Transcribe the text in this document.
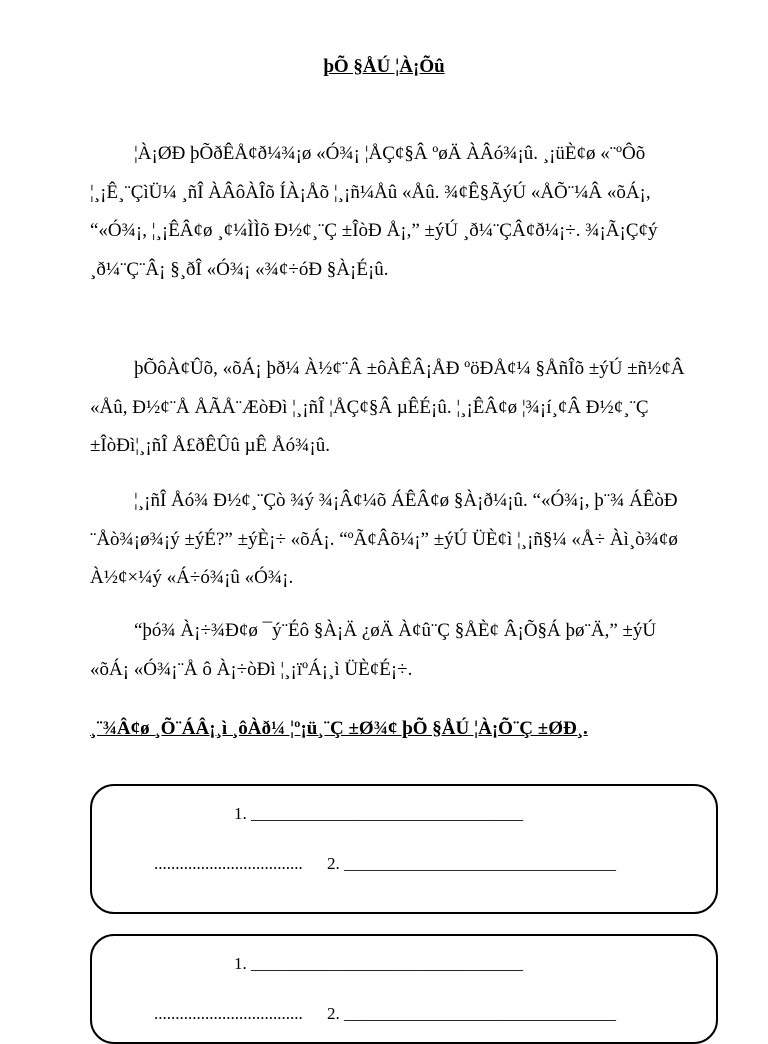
þÕ §ÅÚ ¦À¡Õû

¦À¡ØÐ þÕðÊÅ¢ð¼¾¡ø «Ó¾¡ ¦ÅÇ¢§Â ºøÄ ÀÂó¾¡û. ¸¡üÈ¢ø «¨ºÔõ ¦¸¡Ê¸¨ÇìÜ¼ ¸ñÎ ÀÂôÀÎõ ÍÀ¡Åõ ¦¸¡ñ¼Åû «Åû. ¾¢Ê§ÃýÚ «ÅÕ¨¼Â «õÁ¡, “«Ó¾¡, ¦¸¡ÊÂ¢ø ¸¢¼ÌÌõ Ð½¢¸¨Ç ±ÎòÐ Å¡,” ±ýÚ ¸ð¼¨ÇÂ¢ð¼¡÷. ¾¡Ã¡Ç¢ý ¸ð¼¨Ç¨Â¡ §¸ðÎ «Ó¾¡ «¾¢÷óÐ §À¡É¡û.

þÕôÀ¢Ûõ, «õÁ¡ þð¼ À½¢¨Â ±ôÀÊÂ¡ÅÐ ºöÐÅ¢¼ §ÅñÎõ ±ýÚ ±ñ½¢Â «Åû, Ð½¢¨Å ÅÃÅ¨ÆòÐì ¦¸¡ñÎ ¦ÅÇ¢§Â µÊÉ¡û. ¦¸¡ÊÂ¢ø ¦¾¡í¸¢Â Ð½¢¸¨Ç ±ÎòÐì¦¸¡ñÎ Å£ðÊÛû µÊ Åó¾¡û.

¦¸¡ñÎ Åó¾ Ð½¢¸¨Çò ¾ý ¾¡Â¢¼õ ÁÊÂ¢ø §À¡ð¼¡û. “«Ó¾¡, þ¨¾ ÁÊòÐ ¨Åò¾¡ø¾¡ý ±ýÉ?” ±ýÈ¡÷ «õÁ¡. “ºÃ¢Âõ¼¡” ±ýÚ ÜÈ¢ì ¦¸¡ñ§¼ «Å÷ Àì¸ò¾¢ø À½¢×¼ý «Á÷ó¾¡û «Ó¾¡.

“þó¾ À¡÷¾Ð¢ø ¯ý¨Éô §À¡Ä ¿øÄ À¢û¨Ç §ÅÈ¢ Â¡Õ§Á þø¨Ä,” ±ýÚ «õÁ¡ «Ó¾¡¨Å ô À¡÷òÐì ¦¸¡ïºÁ¡¸ì ÜÈ¢É¡÷.

¸¨¾Â¢ø ¸Õ¨ÁÂ¡¸ì ¸ôÀð¼ ¦º¡ü¸¨Ç ±Ø¾¢ þÕ §ÅÚ ¦À¡Õ¨Ç ±ØÐ¸.
1. ________________________________
................................... 2. ________________________________
1. ________________________________
................................... 2. ________________________________
